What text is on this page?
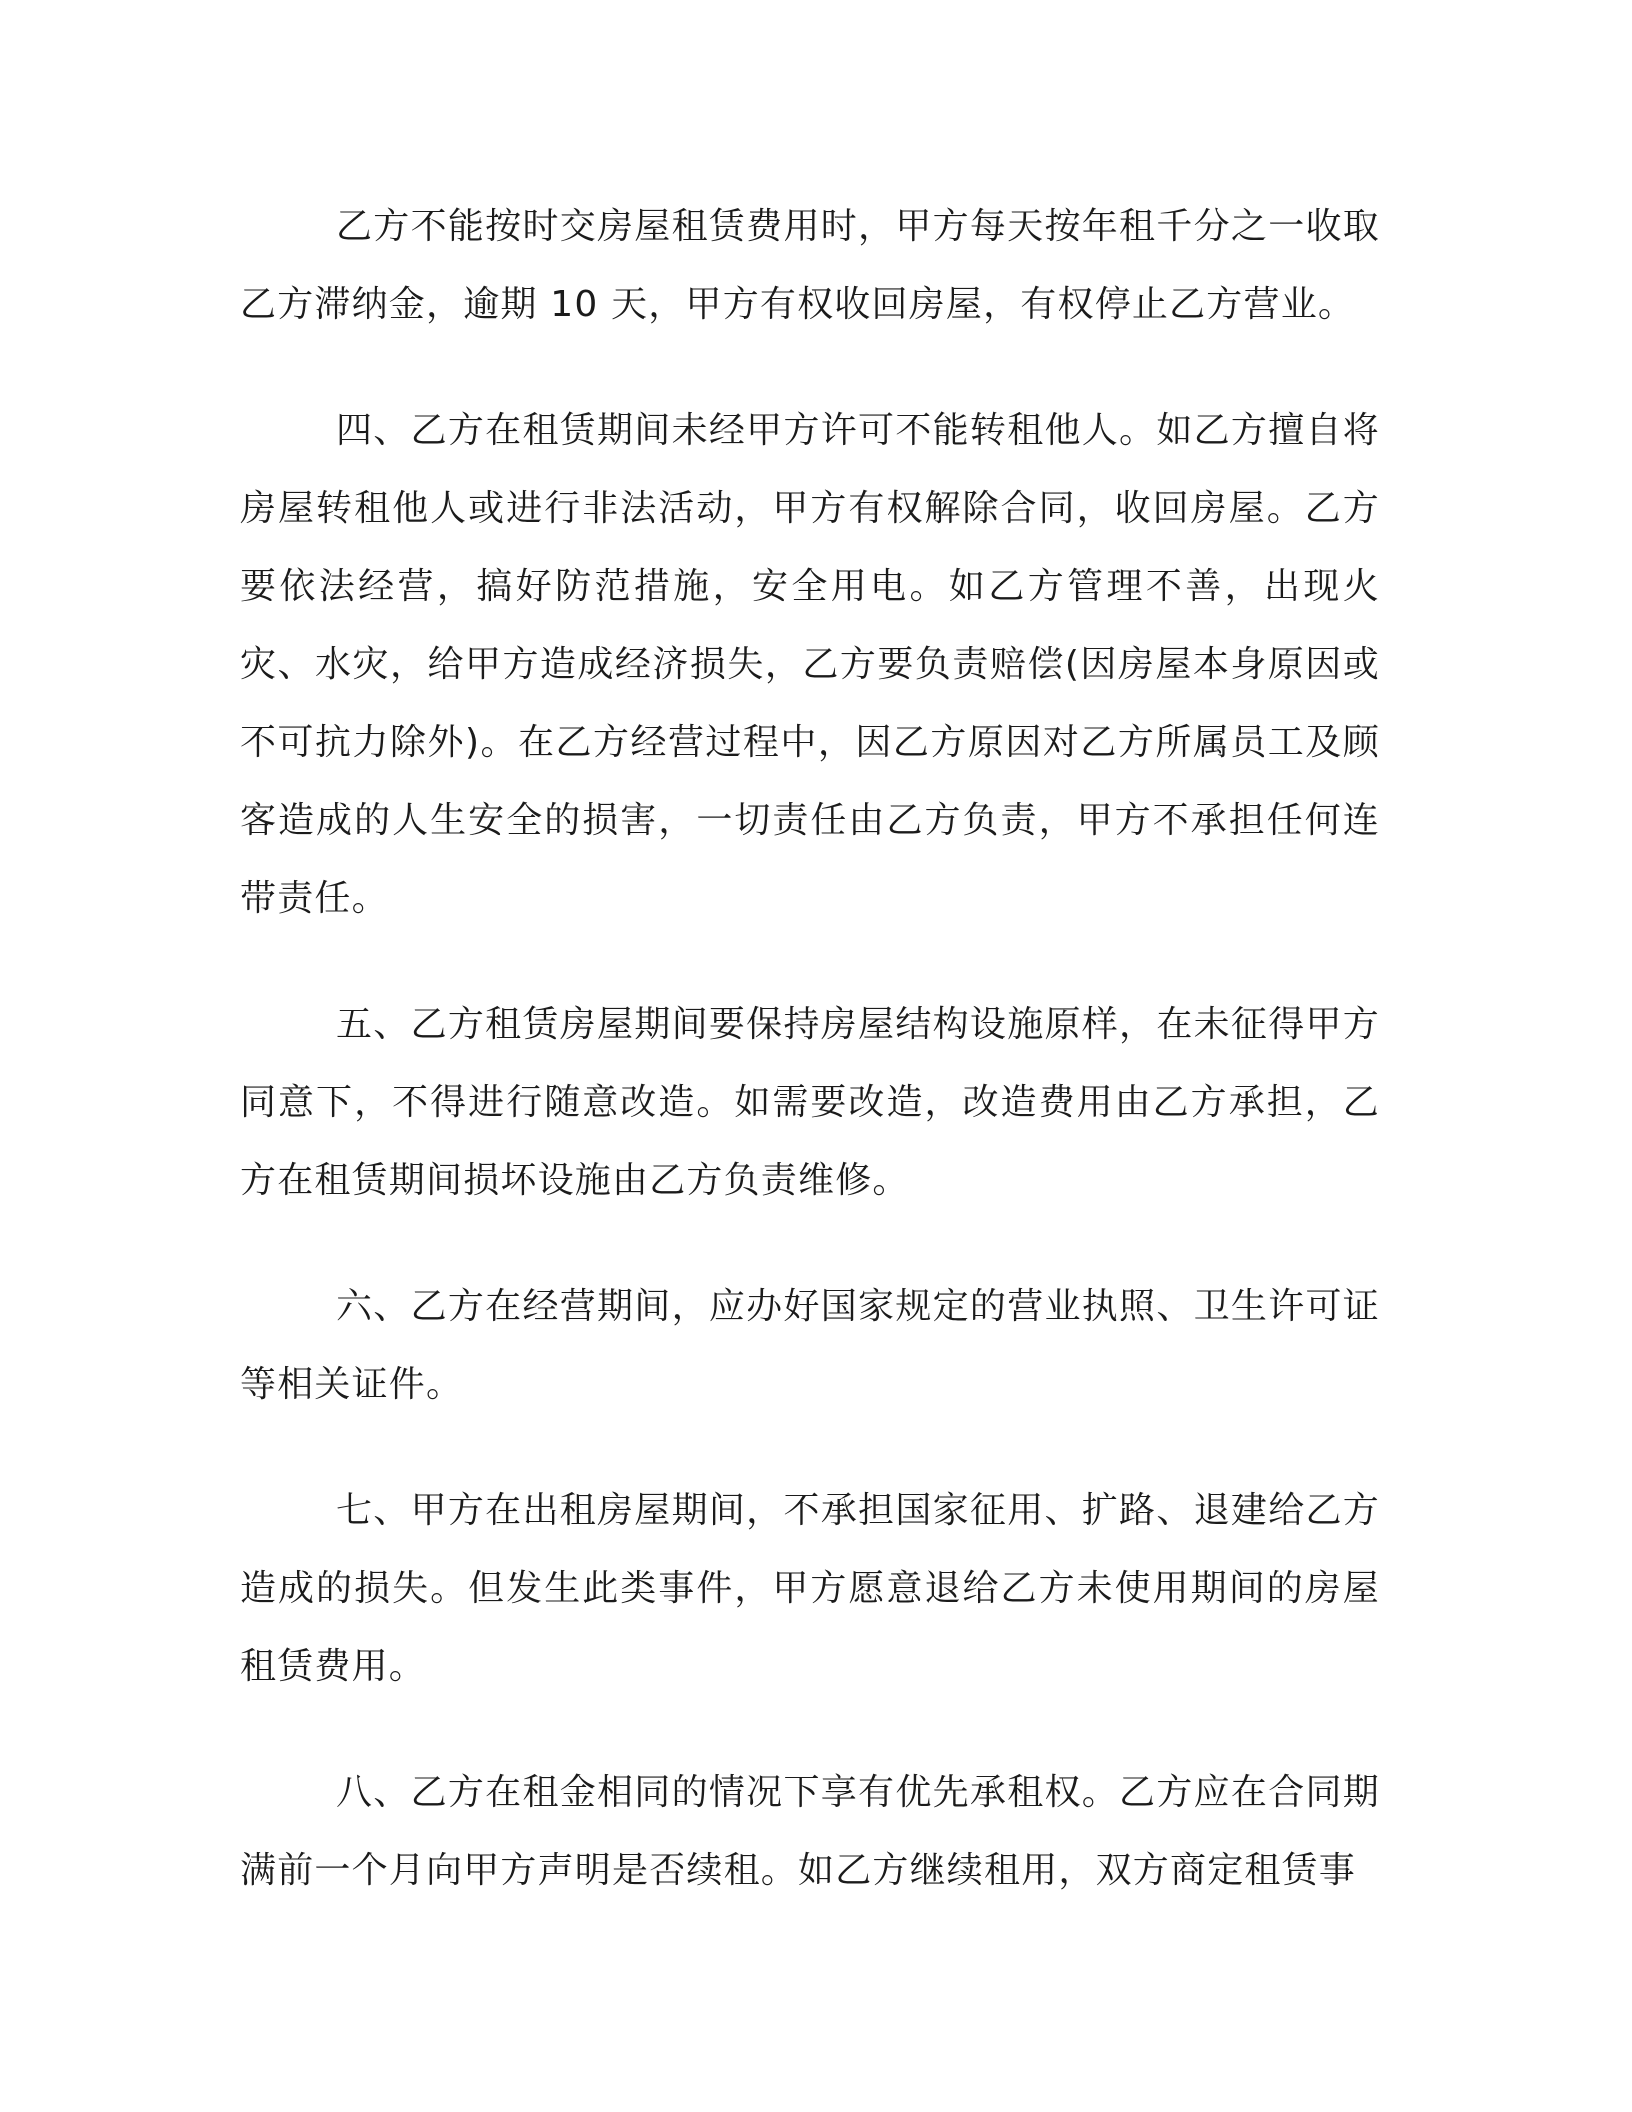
乙方不能按时交房屋租赁费用时，甲方每天按年租千分之一收取乙方滞纳金，逾期 10 天，甲方有权收回房屋，有权停止乙方营业。

四、乙方在租赁期间未经甲方许可不能转租他人。如乙方擅自将房屋转租他人或进行非法活动，甲方有权解除合同，收回房屋。乙方要依法经营，搞好防范措施，安全用电。如乙方管理不善，出现火灾、水灾，给甲方造成经济损失，乙方要负责赔偿(因房屋本身原因或不可抗力除外)。在乙方经营过程中，因乙方原因对乙方所属员工及顾客造成的人生安全的损害，一切责任由乙方负责，甲方不承担任何连带责任。

五、乙方租赁房屋期间要保持房屋结构设施原样，在未征得甲方同意下，不得进行随意改造。如需要改造，改造费用由乙方承担，乙方在租赁期间损坏设施由乙方负责维修。

六、乙方在经营期间，应办好国家规定的营业执照、卫生许可证等相关证件。

七、甲方在出租房屋期间，不承担国家征用、扩路、退建给乙方造成的损失。但发生此类事件，甲方愿意退给乙方未使用期间的房屋租赁费用。

八、乙方在租金相同的情况下享有优先承租权。乙方应在合同期满前一个月向甲方声明是否续租。如乙方继续租用，双方商定租赁事
